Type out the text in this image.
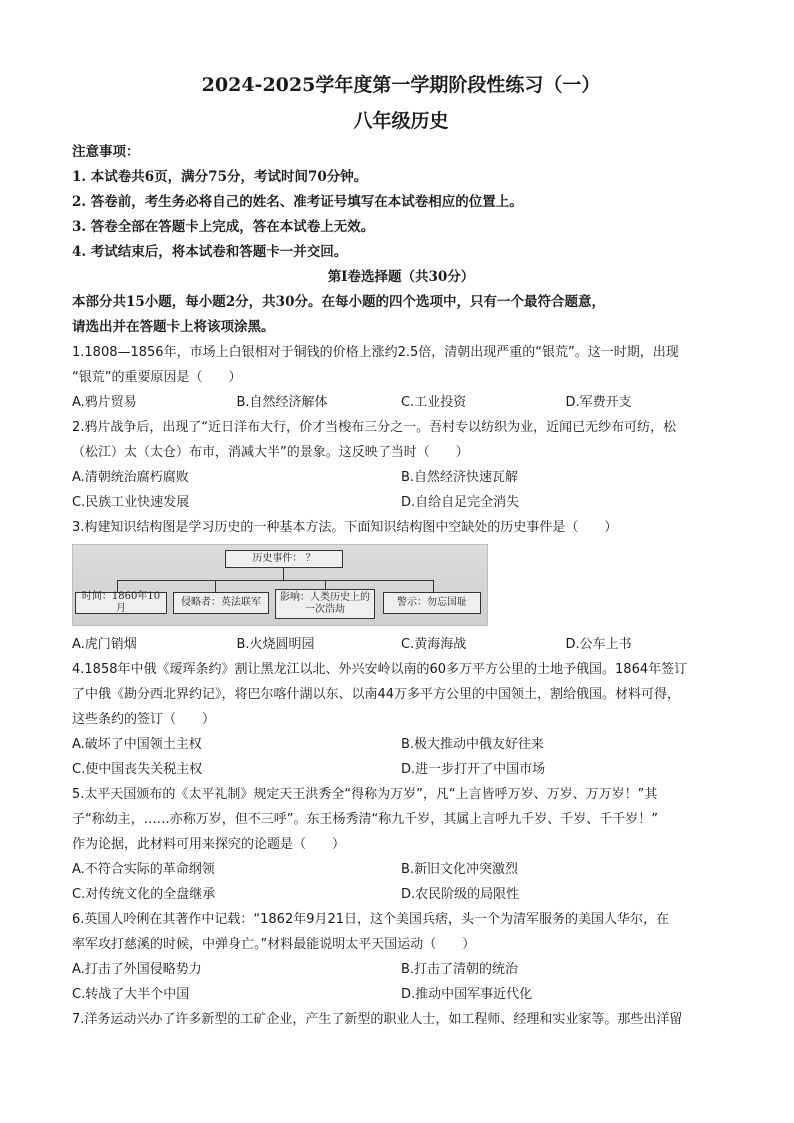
2024-2025学年度第一学期阶段性练习（一）
八年级历史
注意事项：
1. 本试卷共6页，满分75分，考试时间70分钟。
2. 答卷前，考生务必将自己的姓名、准考证号填写在本试卷相应的位置上。
3. 答卷全部在答题卡上完成，答在本试卷上无效。
4. 考试结束后，将本试卷和答题卡一并交回。
第Ⅰ卷选择题（共30分）
本部分共15小题，每小题2分，共30分。在每小题的四个选项中，只有一个最符合题意，
请选出并在答题卡上将该项涂黑。
1.1808—1856年，市场上白银相对于铜钱的价格上涨约2.5倍，清朝出现严重的“银荒”。这一时期，出现
“银荒”的重要原因是（　　）
A.鸦片贸易	B.自然经济解体	C.工业投资	D.军费开支
2.鸦片战争后，出现了“近日洋布大行，价才当梭布三分之一。吾村专以纺织为业，近闻已无纱布可纺，松
（松江）太（太仓）布市，消减大半”的景象。这反映了当时（　　）
A.清朝统治腐朽腐败	B.自然经济快速瓦解
C.民族工业快速发展	D.自给自足完全消失
3.构建知识结构图是学习历史的一种基本方法。下面知识结构图中空缺处的历史事件是（　　）
历史事件： ？
时间：1860年10月
侵略者：英法联军	影响：人类历史上的一次浩劫
警示：勿忘国耻
A.虎门销烟	B.火烧圆明园	C.黄海海战	D.公车上书
4.1858年中俄《瑷珲条约》割让黑龙江以北、外兴安岭以南的60多万平方公里的土地予俄国。1864年签订
了中俄《勘分西北界约记》，将巴尔喀什湖以东、以南44万多平方公里的中国领土，割给俄国。材料可得，
这些条约的签订（　　）
A.破坏了中国领土主权	B.极大推动中俄友好往来
C.使中国丧失关税主权	D.进一步打开了中国市场
5.太平天国颁布的《太平礼制》规定天王洪秀全“得称为万岁”，凡“上言皆呼万岁、万岁、万万岁！”其
子“称幼主，……亦称万岁，但不三呼”。东王杨秀清“称九千岁，其属上言呼九千岁、千岁、千千岁！”
作为论据，此材料可用来探究的论题是（　　）
A.不符合实际的革命纲领	B.新旧文化冲突激烈
C.对传统文化的全盘继承	D.农民阶级的局限性
6.英国人呤俐在其著作中记载：“1862年9月21日，这个美国兵痞，头一个为清军服务的美国人华尔，在
率军攻打慈溪的时候，中弹身亡。”材料最能说明太平天国运动（　　）
A.打击了外国侵略势力	B.打击了清朝的统治
C.转战了大半个中国	D.推动中国军事近代化
7.洋务运动兴办了许多新型的工矿企业，产生了新型的职业人士，如工程师、经理和实业家等。那些出洋留
